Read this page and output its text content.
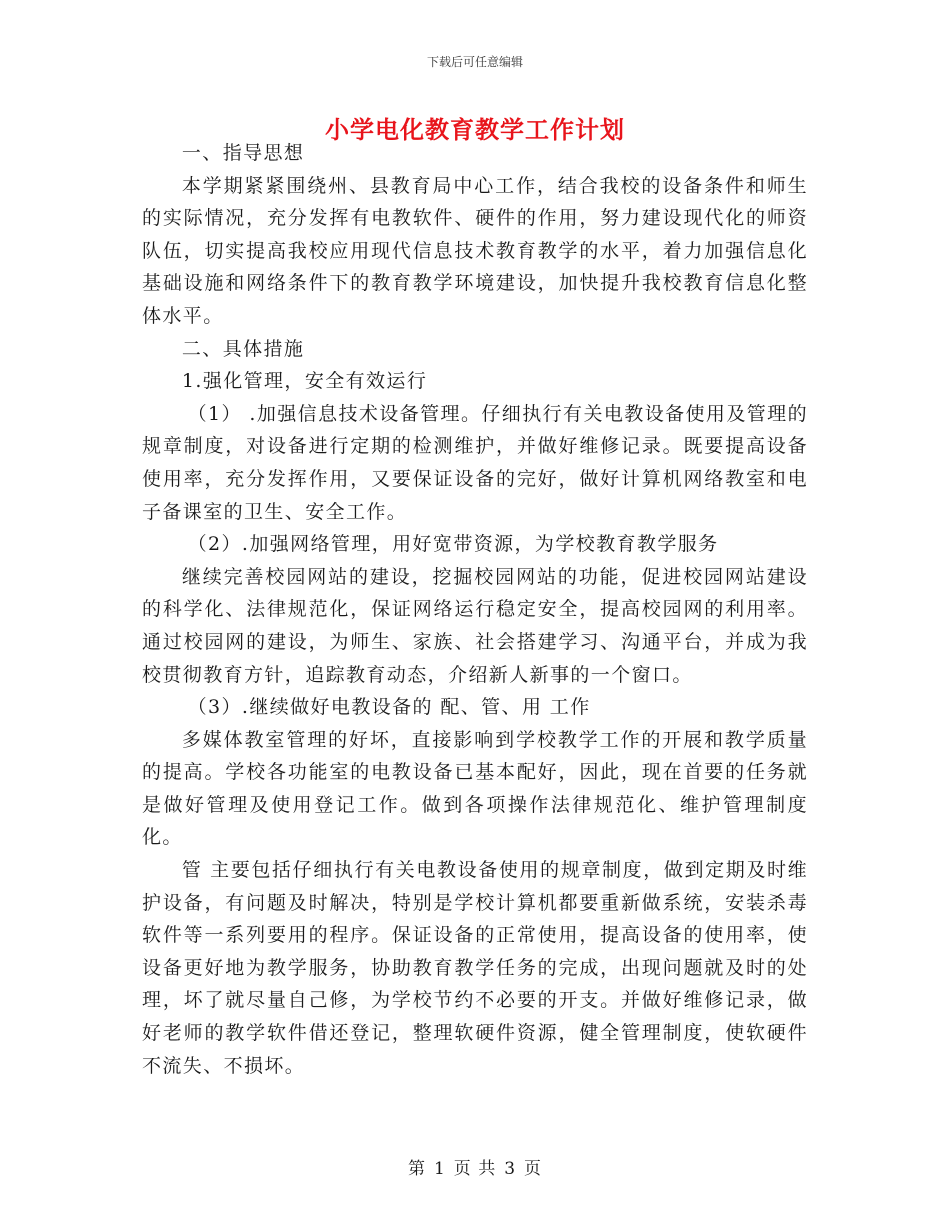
下载后可任意编辑
小学电化教育教学工作计划

一、指导思想

本学期紧紧围绕州、县教育局中心工作，结合我校的设备条件和师生的实际情况，充分发挥有电教软件、硬件的作用，努力建设现代化的师资队伍，切实提高我校应用现代信息技术教育教学的水平，着力加强信息化基础设施和网络条件下的教育教学环境建设，加快提升我校教育信息化整体水平。

二、具体措施

1.强化管理，安全有效运行

（1） .加强信息技术设备管理。仔细执行有关电教设备使用及管理的规章制度，对设备进行定期的检测维护，并做好维修记录。既要提高设备使用率，充分发挥作用，又要保证设备的完好，做好计算机网络教室和电子备课室的卫生、安全工作。

（2）.加强网络管理，用好宽带资源，为学校教育教学服务

继续完善校园网站的建设，挖掘校园网站的功能，促进校园网站建设的科学化、法律规范化，保证网络运行稳定安全，提高校园网的利用率。通过校园网的建设，为师生、家族、社会搭建学习、沟通平台，并成为我校贯彻教育方针，追踪教育动态，介绍新人新事的一个窗口。

（3）.继续做好电教设备的 配、管、用 工作

多媒体教室管理的好坏，直接影响到学校教学工作的开展和教学质量的提高。学校各功能室的电教设备已基本配好，因此，现在首要的任务就是做好管理及使用登记工作。做到各项操作法律规范化、维护管理制度化。

管 主要包括仔细执行有关电教设备使用的规章制度，做到定期及时维护设备，有问题及时解决，特别是学校计算机都要重新做系统，安装杀毒软件等一系列要用的程序。保证设备的正常使用，提高设备的使用率，使设备更好地为教学服务，协助教育教学任务的完成，出现问题就及时的处理，坏了就尽量自己修，为学校节约不必要的开支。并做好维修记录，做好老师的教学软件借还登记，整理软硬件资源，健全管理制度，使软硬件不流失、不损坏。

第 1 页 共 3 页
